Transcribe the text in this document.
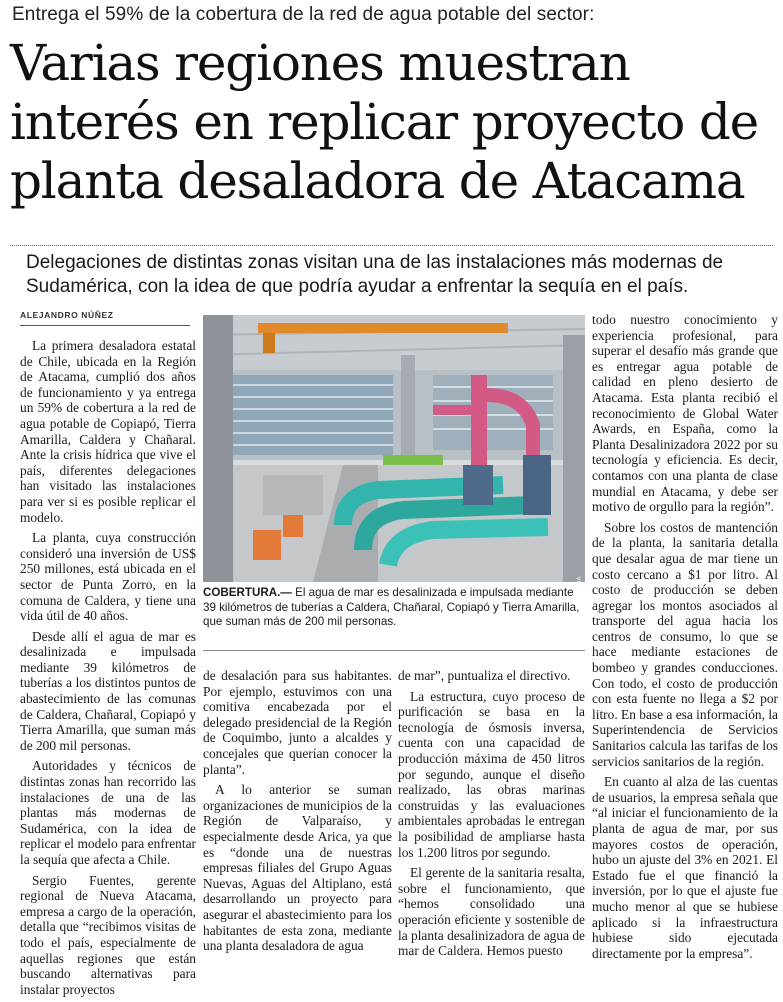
Entrega el 59% de la cobertura de la red de agua potable del sector:
Varias regiones muestran
interés en replicar proyecto de
planta desaladora de Atacama
Delegaciones de distintas zonas visitan una de las instalaciones más modernas de
Sudamérica, con la idea de que podría ayudar a enfrentar la sequía en el país.
ALEJANDRO NÚÑEZ

La primera desaladora estatal de Chile, ubicada en la Región de Atacama, cumplió dos años de funcionamiento y ya entrega un 59% de cobertura a la red de agua potable de Copiapó, Tierra Amarilla, Caldera y Chañaral. Ante la crisis hídrica que vive el país, diferentes delegaciones han visitado las instalaciones para ver si es posible replicar el modelo.

La planta, cuya construcción consideró una inversión de US$ 250 millones, está ubicada en el sector de Punta Zorro, en la comuna de Caldera, y tiene una vida útil de 40 años.

Desde allí el agua de mar es desalinizada e impulsada mediante 39 kilómetros de tuberías a los distintos puntos de abastecimiento de las comunas de Caldera, Chañaral, Copiapó y Tierra Amarilla, que suman más de 200 mil personas.

Autoridades y técnicos de distintas zonas han recorrido las instalaciones de una de las plantas más modernas de Sudamérica, con la idea de replicar el modelo para enfrentar la sequía que afecta a Chile.

Sergio Fuentes, gerente regional de Nueva Atacama, empresa a cargo de la operación, detalla que “recibimos visitas de todo el país, especialmente de aquellas regiones que están buscando alternativas para instalar proyectos

NUEVA ATACAMA
COBERTURA.— El agua de mar es desalinizada e impulsada mediante 39 kilómetros de tuberías a Caldera, Chañaral, Copiapó y Tierra Amarilla, que suman más de 200 mil personas.

de desalación para sus habitantes. Por ejemplo, estuvimos con una comitiva encabezada por el delegado presidencial de la Región de Coquimbo, junto a alcaldes y concejales que querían conocer la planta”.

A lo anterior se suman organizaciones de municipios de la Región de Valparaíso, y especialmente desde Arica, ya que es “donde una de nuestras empresas filiales del Grupo Aguas Nuevas, Aguas del Altiplano, está desarrollando un proyecto para asegurar el abastecimiento para los habitantes de esta zona, mediante una planta desaladora de agua

de mar”, puntualiza el directivo.

La estructura, cuyo proceso de purificación se basa en la tecnología de ósmosis inversa, cuenta con una capacidad de producción máxima de 450 litros por segundo, aunque el diseño realizado, las obras marinas construidas y las evaluaciones ambientales aprobadas le entregan la posibilidad de ampliarse hasta los 1.200 litros por segundo.

El gerente de la sanitaria resalta, sobre el funcionamiento, que “hemos consolidado una operación eficiente y sostenible de la planta desalinizadora de agua de mar de Caldera. Hemos puesto

todo nuestro conocimiento y experiencia profesional, para superar el desafío más grande que es entregar agua potable de calidad en pleno desierto de Atacama. Esta planta recibió el reconocimiento de Global Water Awards, en España, como la Planta Desalinizadora 2022 por su tecnología y eficiencia. Es decir, contamos con una planta de clase mundial en Atacama, y debe ser motivo de orgullo para la región”.

Sobre los costos de mantención de la planta, la sanitaria detalla que desalar agua de mar tiene un costo cercano a $1 por litro. Al costo de producción se deben agregar los montos asociados al transporte del agua hacia los centros de consumo, lo que se hace mediante estaciones de bombeo y grandes conducciones. Con todo, el costo de producción con esta fuente no llega a $2 por litro. En base a esa información, la Superintendencia de Servicios Sanitarios calcula las tarifas de los servicios sanitarios de la región.

En cuanto al alza de las cuentas de usuarios, la empresa señala que “al iniciar el funcionamiento de la planta de agua de mar, por sus mayores costos de operación, hubo un ajuste del 3% en 2021. El Estado fue el que financió la inversión, por lo que el ajuste fue mucho menor al que se hubiese aplicado si la infraestructura hubiese sido ejecutada directamente por la empresa”.
